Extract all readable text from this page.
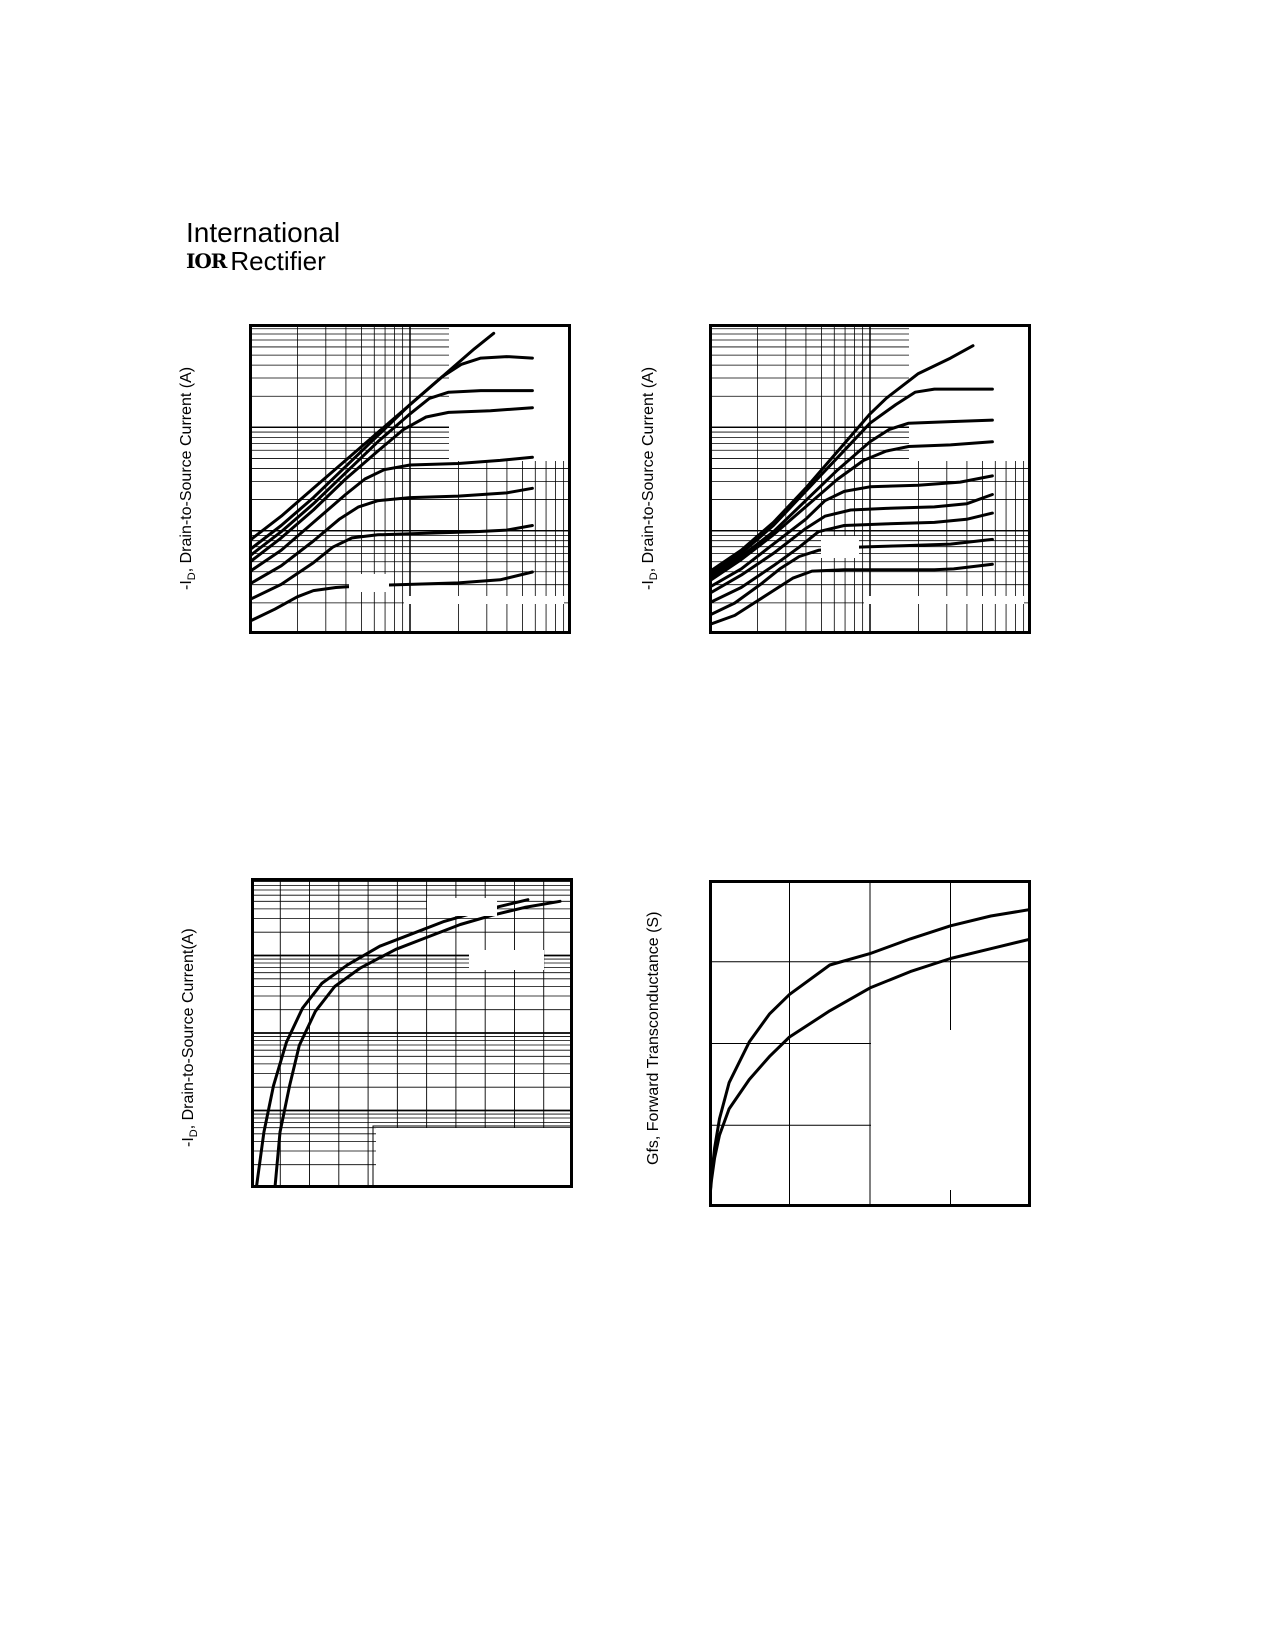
International
IOR Rectifier
$-I_D$, Drain-to-Source Current (A)
$-I_D$, Drain-to-Source Current (A)
$-I_D$, Drain-to-Source Current(A)	Gfs, Forward Transconductance (S)
